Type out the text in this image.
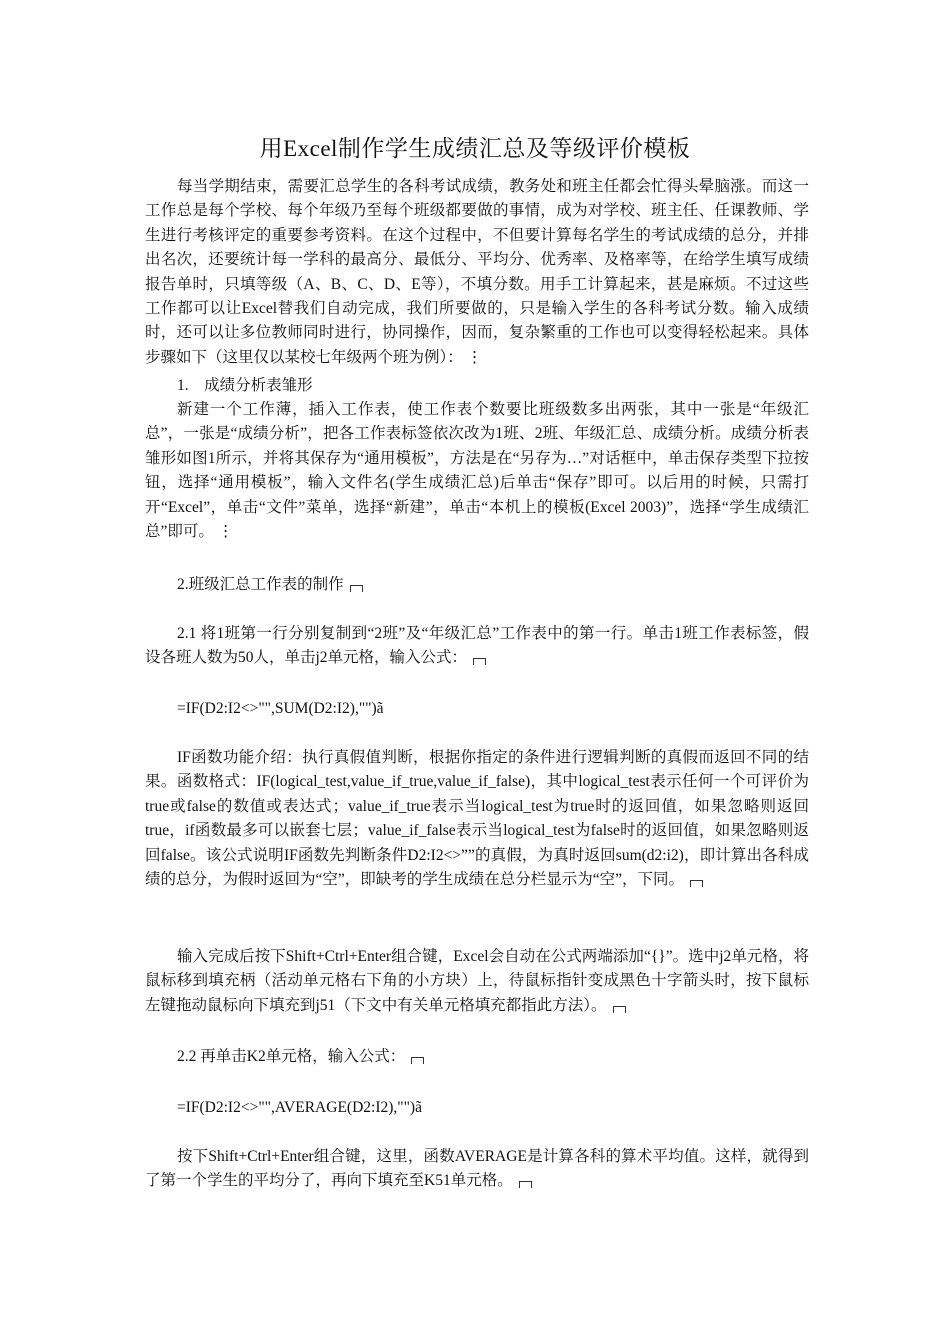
用Excel制作学生成绩汇总及等级评价模板
每当学期结束，需要汇总学生的各科考试成绩，教务处和班主任都会忙得头晕脑涨。而这一工作总是每个学校、每个年级乃至每个班级都要做的事情，成为对学校、班主任、任课教师、学生进行考核评定的重要参考资料。在这个过程中，不但要计算每名学生的考试成绩的总分，并排出名次，还要统计每一学科的最高分、最低分、平均分、优秀率、及格率等，在给学生填写成绩报告单时，只填等级（A、B、C、D、E等），不填分数。用手工计算起来，甚是麻烦。不过这些工作都可以让Excel替我们自动完成，我们所要做的，只是输入学生的各科考试分数。输入成绩时，还可以让多位教师同时进行，协同操作，因而，复杂繁重的工作也可以变得轻松起来。具体步骤如下（这里仅以某校七年级两个班为例）： ⋮
1.　成绩分析表雏形
新建一个工作薄，插入工作表，使工作表个数要比班级数多出两张，其中一张是“年级汇总”，一张是“成绩分析”，把各工作表标签依次改为1班、2班、年级汇总、成绩分析。成绩分析表雏形如图1所示，并将其保存为“通用模板”，方法是在“另存为…”对话框中，单击保存类型下拉按钮，选择“通用模板”，输入文件名(学生成绩汇总)后单击“保存”即可。以后用的时候，只需打开“Excel”，单击“文件”菜单，选择“新建”，单击“本机上的模板(Excel 2003)”，选择“学生成绩汇总”即可。 ⋮
2.班级汇总工作表的制作
2.1 将1班第一行分别复制到“2班”及“年级汇总”工作表中的第一行。单击1班工作表标签，假设各班人数为50人，单击j2单元格，输入公式：
=IF(D2:I2<>"",SUM(D2:I2),"")ã
IF函数功能介绍：执行真假值判断，根据你指定的条件进行逻辑判断的真假而返回不同的结果。函数格式：IF(logical_test,value_if_true,value_if_false)，其中logical_test表示任何一个可评价为true或false的数值或表达式；value_if_true表示当logical_test为true时的返回值，如果忽略则返回true，if函数最多可以嵌套七层；value_if_false表示当logical_test为false时的返回值，如果忽略则返回false。该公式说明IF函数先判断条件D2:I2<>””的真假，为真时返回sum(d2:i2)，即计算出各科成绩的总分，为假时返回为“空”，即缺考的学生成绩在总分栏显示为“空”，下同。
输入完成后按下Shift+Ctrl+Enter组合键，Excel会自动在公式两端添加“{}”。选中j2单元格，将鼠标移到填充柄（活动单元格右下角的小方块）上，待鼠标指针变成黑色十字箭头时，按下鼠标左键拖动鼠标向下填充到j51（下文中有关单元格填充都指此方法）。
2.2 再单击K2单元格，输入公式：
=IF(D2:I2<>"",AVERAGE(D2:I2),"")ã
按下Shift+Ctrl+Enter组合键，这里，函数AVERAGE是计算各科的算术平均值。这样，就得到了第一个学生的平均分了，再向下填充至K51单元格。
